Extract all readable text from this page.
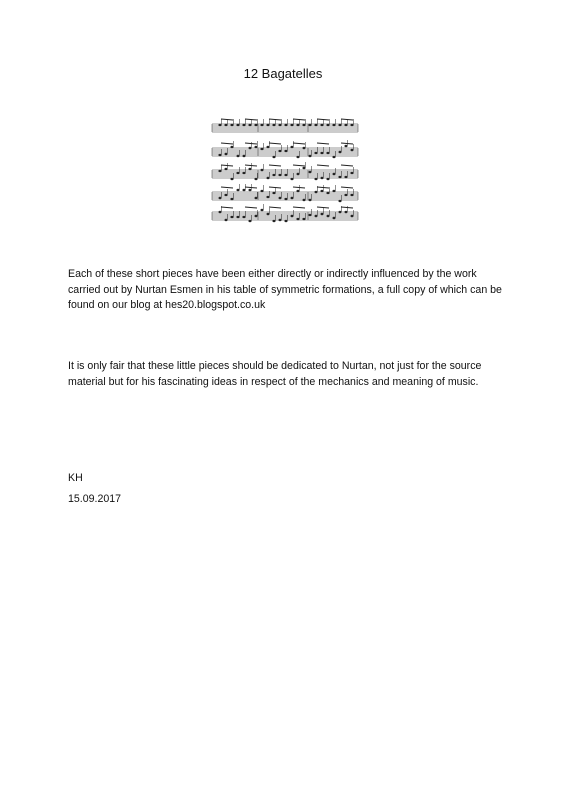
12 Bagatelles

Each of these short pieces have been either directly or indirectly influenced by the work carried out by Nurtan Esmen in his table of symmetric formations, a full copy of which can be found on our blog at hes20.blogspot.co.uk

It is only fair that these little pieces should be dedicated to Nurtan, not just for the source material but for his fascinating ideas in respect of the mechanics and meaning of music.

KH
15.09.2017
